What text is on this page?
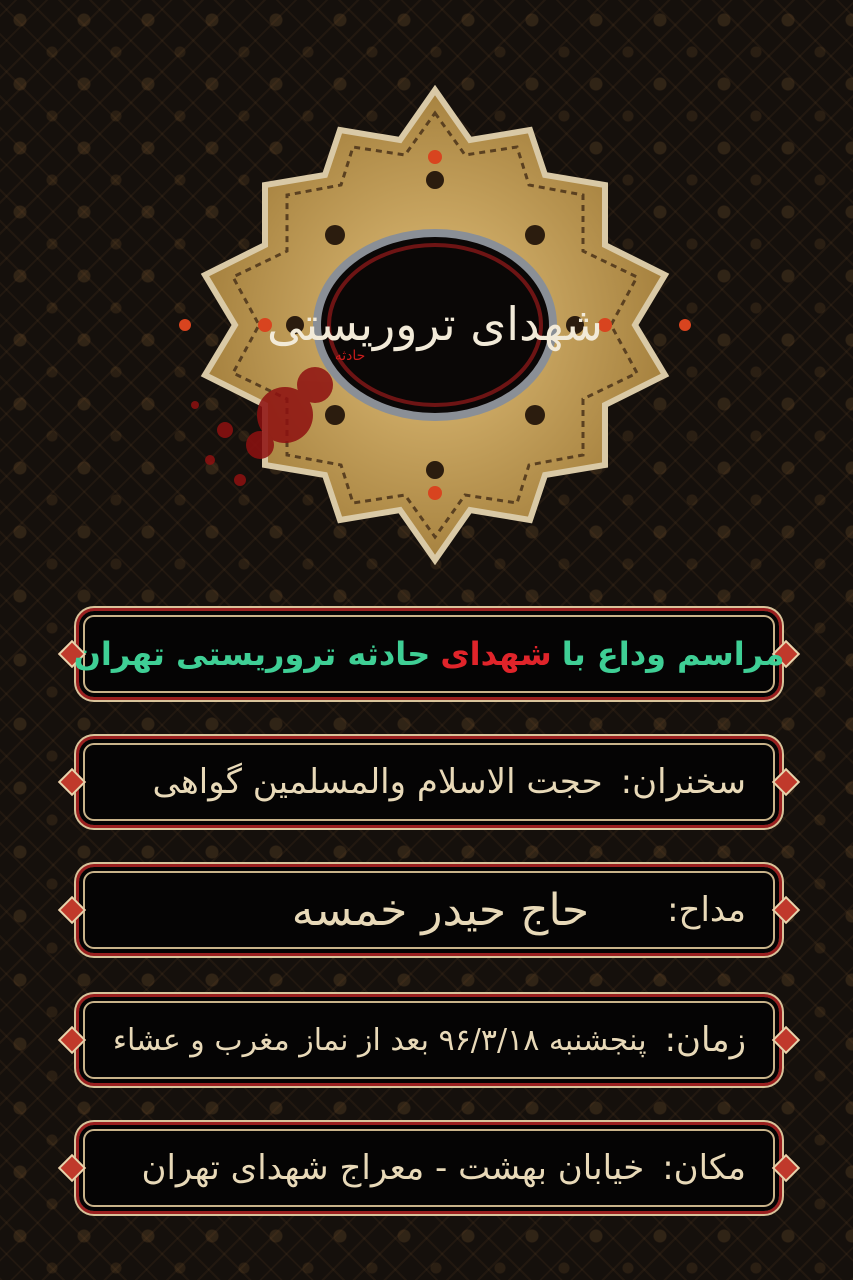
شهدای تروریستی
حادثه
مراسم وداع با
شهدای
حادثه تروریستی تهران
سخنران:
حجت الاسلام والمسلمین گواهی
مداح:
حاج حیدر خمسه
زمان:
پنجشنبه ۹۶/۳/۱۸ بعد از نماز مغرب و عشاء
مکان:
خیابان بهشت - معراج شهدای تهران
